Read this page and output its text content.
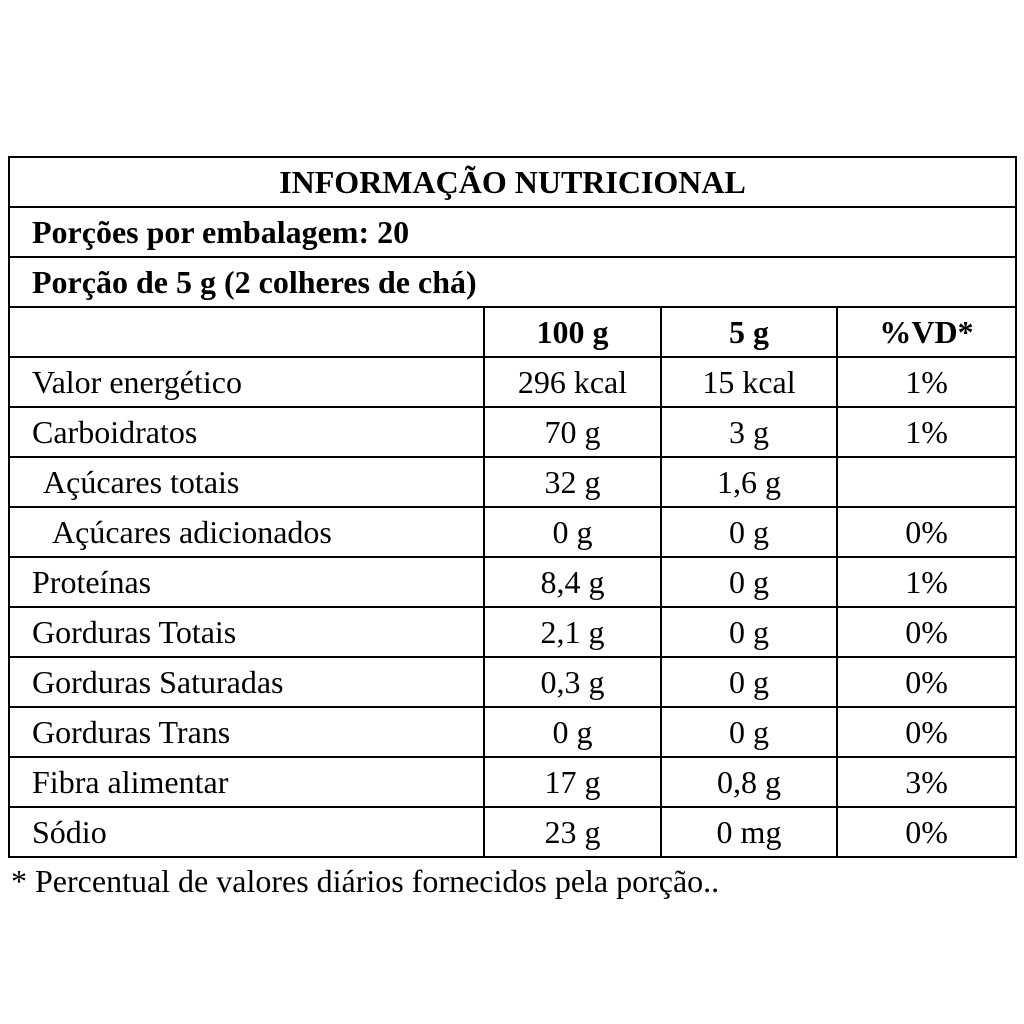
INFORMAÇÃO NUTRICIONAL			
Porções por embalagem: 20			
Porção de 5 g (2 colheres de chá)			
	100 g	5 g	%VD*
Valor energético	296 kcal	15 kcal	1%
Carboidratos	70 g	3 g	1%
Açúcares totais	32 g	1,6 g	
Açúcares adicionados	0 g	0 g	0%
Proteínas	8,4 g	0 g	1%
Gorduras Totais	2,1 g	0 g	0%
Gorduras Saturadas	0,3 g	0 g	0%
Gorduras Trans	0 g	0 g	0%
Fibra alimentar	17 g	0,8 g	3%
Sódio	23 g	0 mg	0%
* Percentual de valores diários fornecidos pela porção..
